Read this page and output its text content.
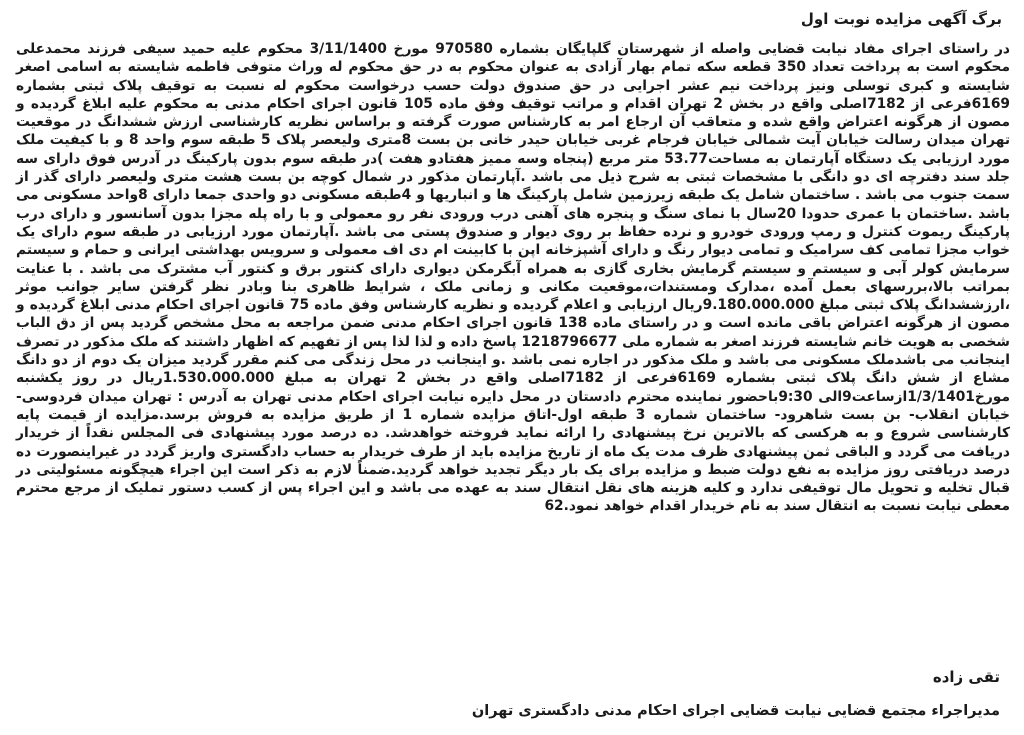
برگ آگهی مزایده نوبت اول
در راستای اجرای مفاد نیابت قضایی واصله از شهرستان گلپایگان بشماره 970580 مورخ 3/11/1400 محکوم علیه حمید سیفی فرزند محمدعلی محکوم است به پرداخت تعداد 350 قطعه سکه تمام بهار آزادی به عنوان محکوم به در حق محکوم له وراث متوفی فاطمه شایسته به اسامی اصغر شایسته و کبری توسلی ونیز پرداخت نیم عشر اجرایی در حق صندوق دولت حسب درخواست محکوم له نسبت به توقیف پلاک ثبتی بشماره 6169فرعی از 7182اصلی واقع در بخش 2 تهران اقدام و مراتب توقیف وفق ماده 105 قانون اجرای احکام مدنی به محکوم علیه ابلاغ گردیده و مصون از هرگونه اعتراض واقع شده و متعاقب آن ارجاع امر به کارشناس صورت گرفته و براساس نظریه کارشناسی ارزش ششدانگ در موقعیت تهران میدان رسالت خیابان آیت شمالی خیابان فرجام غربی خیابان حیدر خانی بن بست 8متری ولیعصر پلاک 5 طبقه سوم واحد 8 و با کیفیت ملک مورد ارزیابی یک دستگاه آپارتمان به مساحت53.77 متر مربع (پنجاه وسه ممیز هفتادو هفت )در طبقه سوم بدون پارکینگ در آدرس فوق دارای سه جلد سند دفترچه ای دو دانگی با مشخصات ثبتی به شرح ذیل می باشد .آپارتمان مذکور در شمال کوچه بن بست هشت متری ولیعصر دارای گذر از سمت جنوب می باشد . ساختمان شامل یک طبقه زیرزمین شامل پارکینگ ها و انباریها و 4طبقه مسکونی دو واحدی جمعا دارای 8واحد مسکونی می باشد .ساختمان با عمری حدودا 20سال با نمای سنگ و پنجره های آهنی درب ورودی نفر رو معمولی و با راه پله مجزا بدون آسانسور و دارای درب پارکینگ ریموت کنترل و رمپ ورودی خودرو و نرده حفاظ بر روی دیوار و صندوق پستی می باشد .آپارتمان مورد ارزیابی در طبقه سوم دارای یک خواب مجزا تمامی کف سرامیک و تمامی دیوار رنگ و دارای آشپزخانه اپن با کابینت ام دی اف معمولی و سرویس بهداشتی ایرانی و حمام و سیستم سرمایش کولر آبی و سیستم و سیستم گرمایش بخاری گازی به همراه آبگرمکن دیواری دارای کنتور برق و کنتور آب مشترک می باشد . با عنایت بمراتب بالا،بررسهای بعمل آمده ،مدارک ومستندات،موقعیت مکانی و زمانی ملک ، شرایط ظاهری بنا وبادر نظر گرفتن سایر جوانب موثر ،ارزششدانگ پلاک ثبتی مبلغ 9.180.000.000ریال ارزیابی و اعلام گردیده و نظریه کارشناس وفق ماده 75 قانون اجرای احکام مدنی ابلاغ گردیده و مصون از هرگونه اعتراض باقی مانده است و در راستای ماده 138 قانون اجرای احکام مدنی ضمن مراجعه به محل مشخص گردید پس از دق الباب شخصی به هویت خانم شایسته فرزند اصغر به شماره ملی 1218796677 پاسخ داده و لذا لذا پس از تفهیم که اظهار داشتند که ملک مذکور در تصرف اینجانب می باشدملک مسکونی می باشد و ملک مذکور در اجاره نمی باشد .و اینجانب در محل زندگی می کنم مقرر گردید میزان یک دوم از دو دانگ مشاع از شش دانگ پلاک ثبتی بشماره 6169فرعی از 7182اصلی واقع در بخش 2 تهران به مبلغ 1.530.000.000ریال در روز یکشنبه مورخ1/3/1401ازساعت9الی 9:30باحضور نماینده محترم دادستان در محل دایره نیابت اجرای احکام مدنی تهران به آدرس : تهران میدان فردوسی- خیابان انقلاب- بن بست شاهرود- ساختمان شماره 3 طبقه اول-اتاق مزایده شماره 1 از طریق مزایده به فروش برسد.مزایده از قیمت پایه کارشناسی شروع و به هرکسی که بالاترین نرخ پیشنهادی را ارائه نماید فروخته خواهدشد. ده درصد مورد پیشنهادی فی المجلس نقداً از خریدار دریافت می گردد و الباقی ثمن پیشنهادی ظرف مدت یک ماه از تاریخ مزایده باید از طرف خریدار به حساب دادگستری واریز گردد در غیراینصورت ده درصد دریافتی روز مزایده به نفع دولت ضبط و مزایده برای یک بار دیگر تجدید خواهد گردید.ضمناً لازم به ذکر است این اجراء هیچگونه مسئولیتی در قبال تخلیه و تحویل مال توقیفی ندارد و کلیه هزینه های نقل انتقال سند به عهده می باشد و این اجراء پس از کسب دستور تملیک از مرجع محترم معطی نیابت نسبت به انتقال سند به نام خریدار اقدام خواهد نمود.62
تقی زاده
مدیراجراء مجتمع قضایی نیابت قضایی اجرای احکام مدنی دادگستری تهران
